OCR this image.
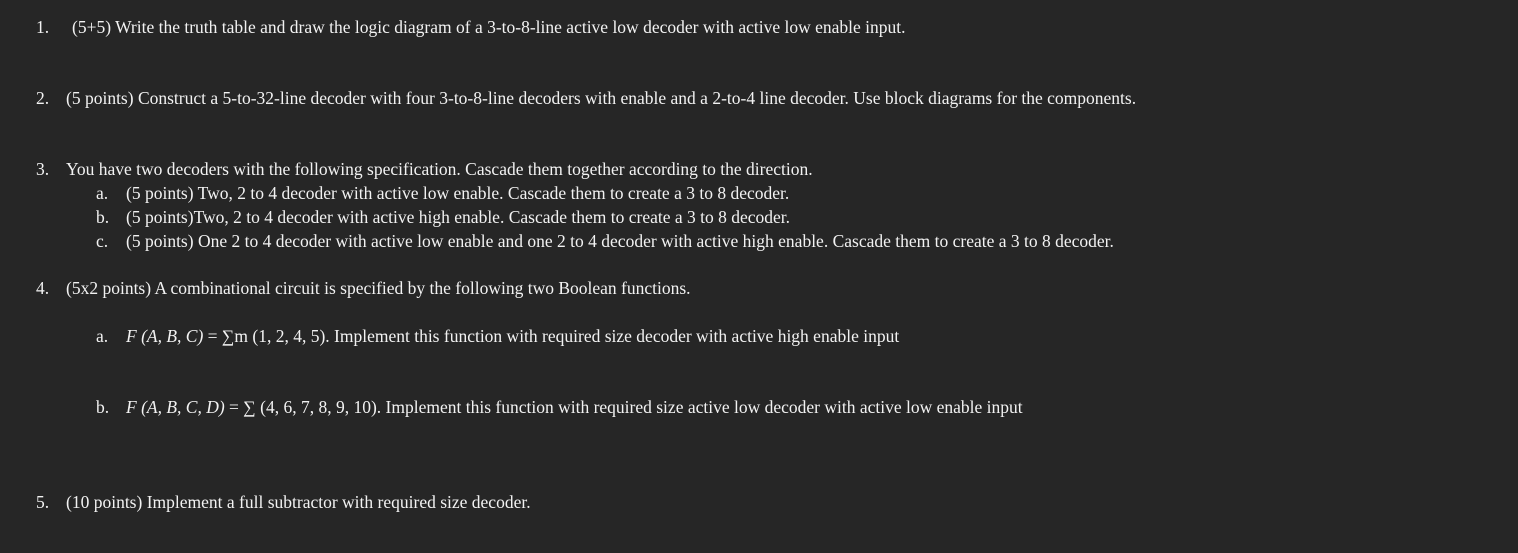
1. (5+5) Write the truth table and draw the logic diagram of a 3-to-8-line active low decoder with active low enable input.
2. (5 points) Construct a 5-to-32-line decoder with four 3-to-8-line decoders with enable and a 2-to-4 line decoder. Use block diagrams for the components.
3. You have two decoders with the following specification. Cascade them together according to the direction.
a. (5 points) Two, 2 to 4 decoder with active low enable. Cascade them to create a 3 to 8 decoder.
b. (5 points)Two, 2 to 4 decoder with active high enable. Cascade them to create a 3 to 8 decoder.
c. (5 points) One 2 to 4 decoder with active low enable and one 2 to 4 decoder with active high enable. Cascade them to create a 3 to 8 decoder.
4. (5x2 points) A combinational circuit is specified by the following two Boolean functions.
a. F (A, B, C) = ∑m (1, 2, 4, 5). Implement this function with required size decoder with active high enable input
b. F (A, B, C, D) = ∑ (4, 6, 7, 8, 9, 10). Implement this function with required size active low decoder with active low enable input
5. (10 points) Implement a full subtractor with required size decoder.
